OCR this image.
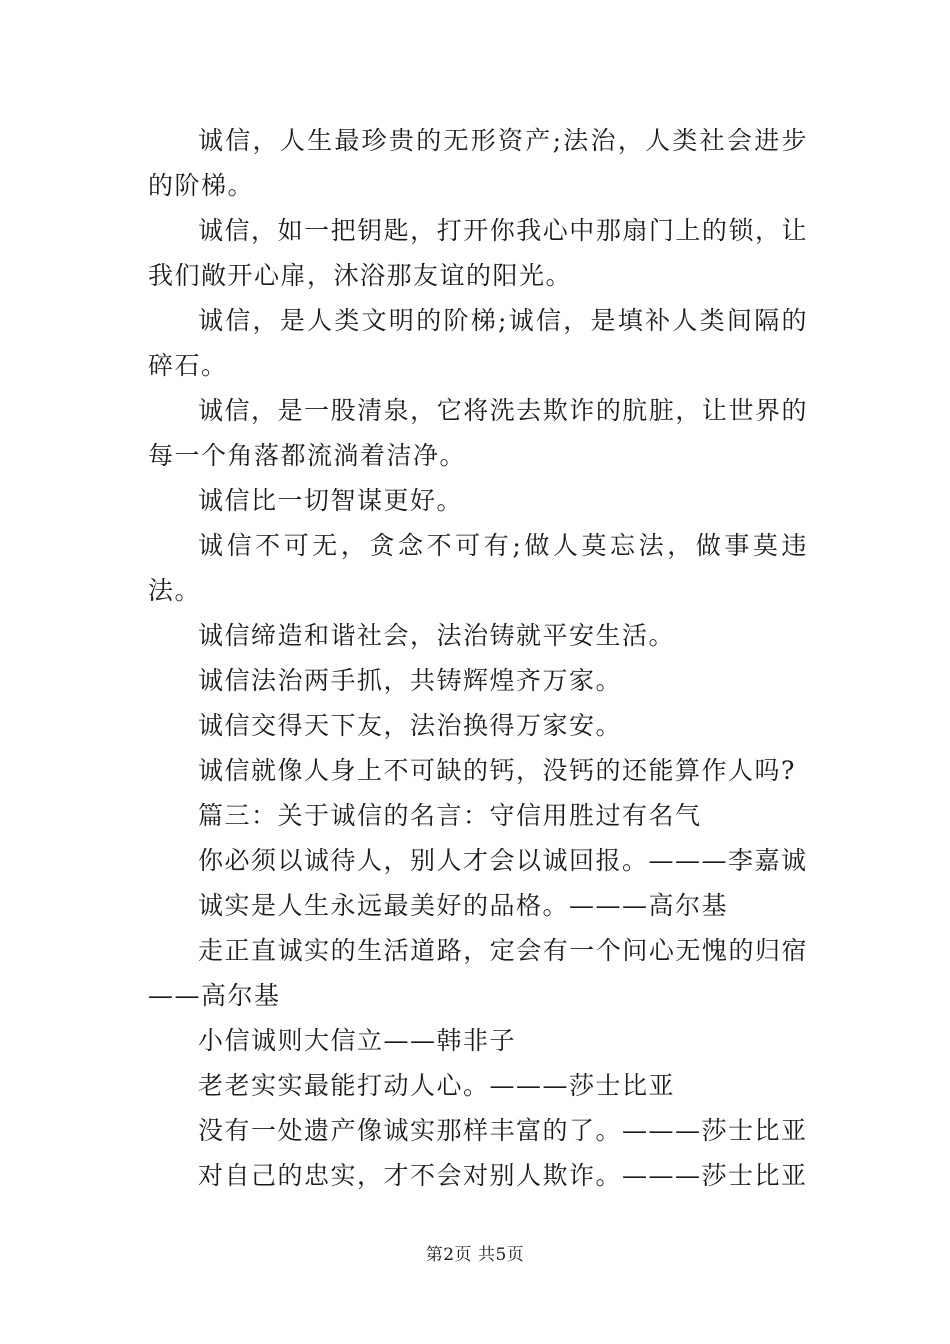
诚信，人生最珍贵的无形资产;法治，人类社会进步的阶梯。

诚信，如一把钥匙，打开你我心中那扇门上的锁，让我们敞开心扉，沐浴那友谊的阳光。

诚信，是人类文明的阶梯;诚信，是填补人类间隔的碎石。

诚信，是一股清泉，它将洗去欺诈的肮脏，让世界的每一个角落都流淌着洁净。

诚信比一切智谋更好。

诚信不可无，贪念不可有;做人莫忘法，做事莫违法。

诚信缔造和谐社会，法治铸就平安生活。

诚信法治两手抓，共铸辉煌齐万家。

诚信交得天下友，法治换得万家安。

诚信就像人身上不可缺的钙，没钙的还能算作人吗?

篇三：关于诚信的名言：守信用胜过有名气

你必须以诚待人，别人才会以诚回报。———李嘉诚

诚实是人生永远最美好的品格。———高尔基

走正直诚实的生活道路，定会有一个问心无愧的归宿——高尔基

小信诚则大信立——韩非子

老老实实最能打动人心。———莎士比亚

没有一处遗产像诚实那样丰富的了。———莎士比亚

对自己的忠实，才不会对别人欺诈。———莎士比亚

第2页 共5页
